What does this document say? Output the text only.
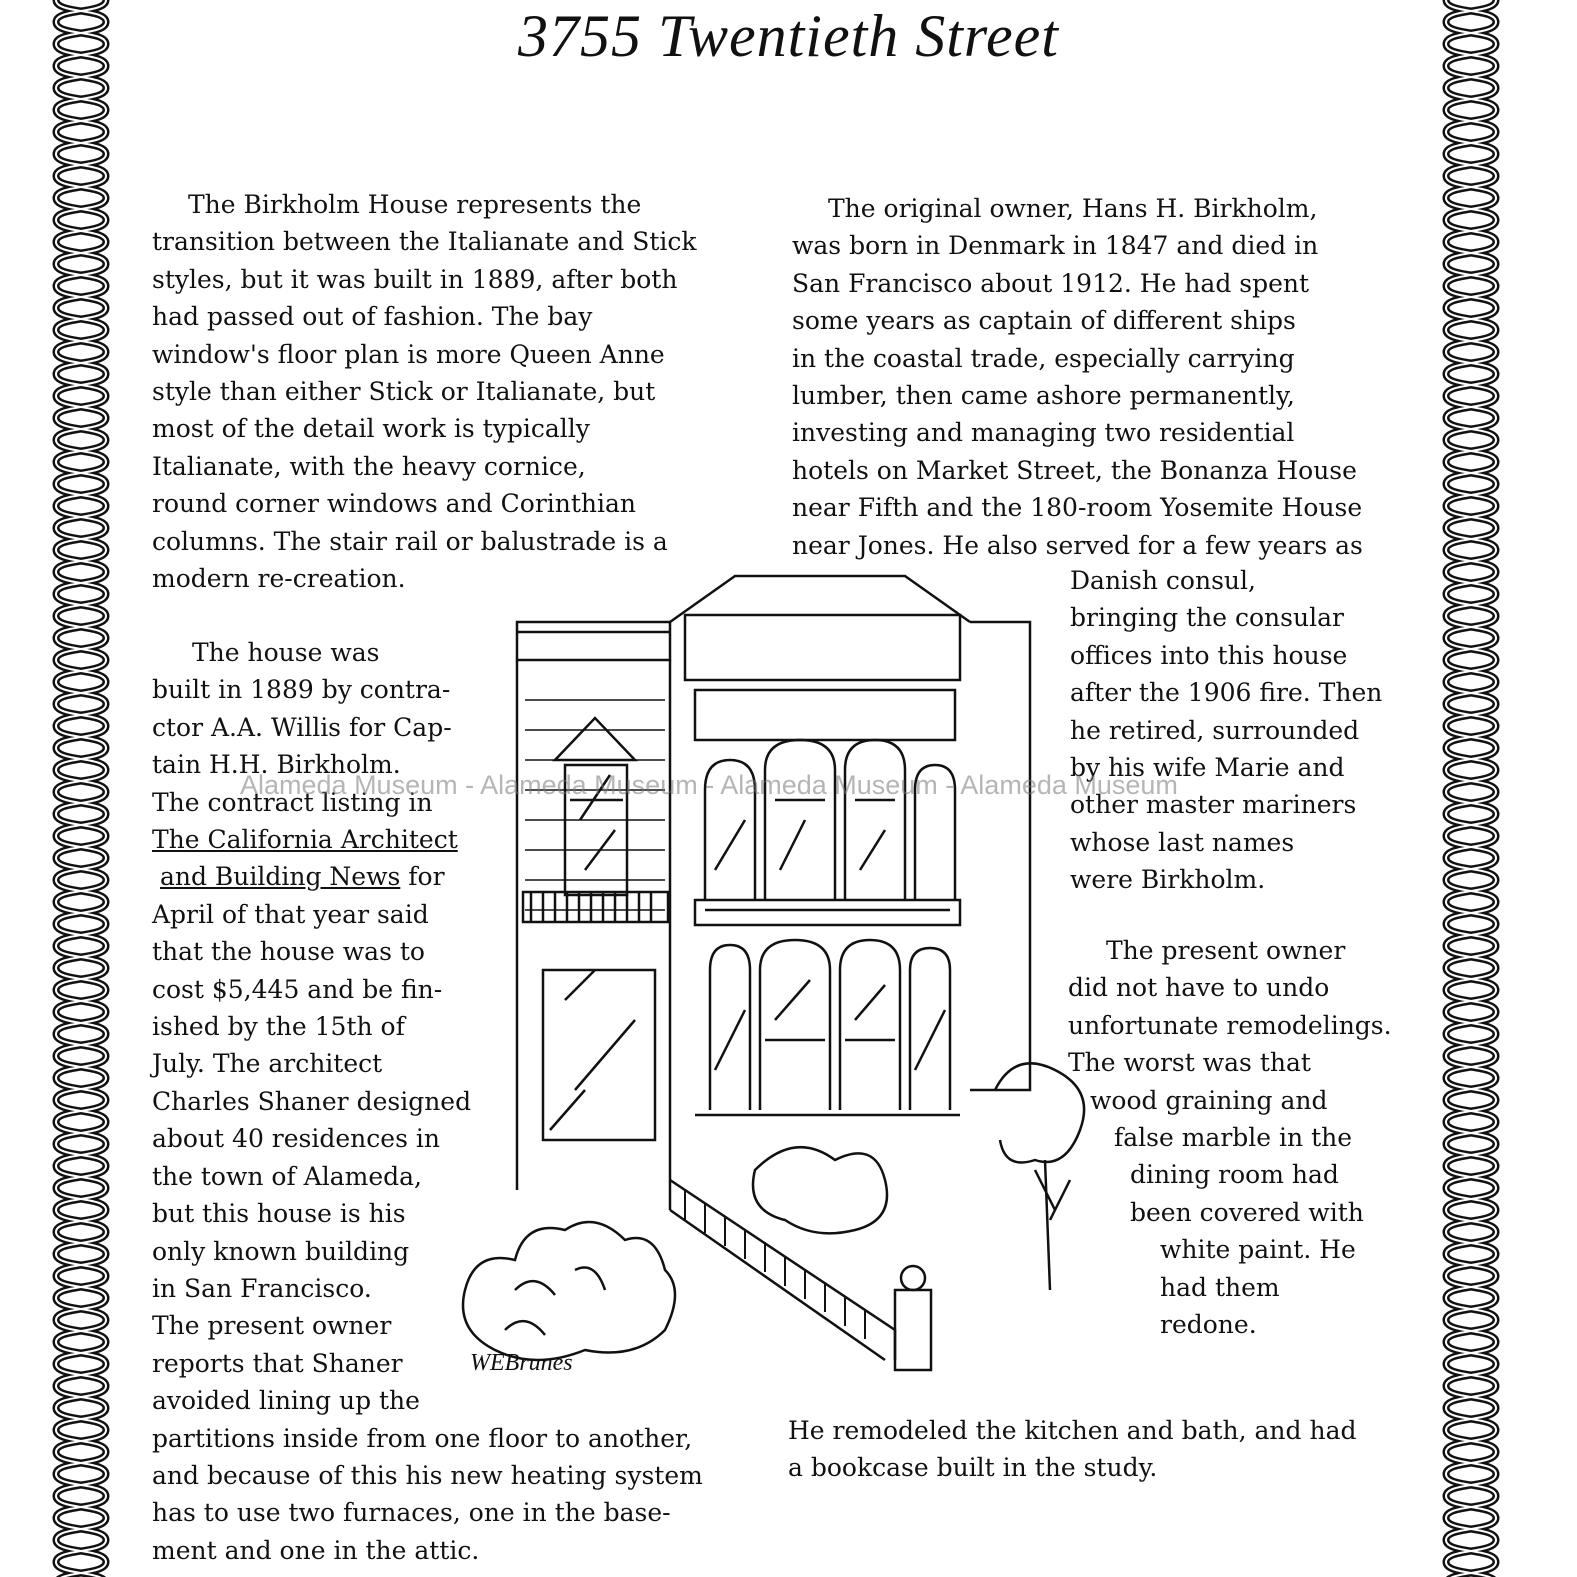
3755 Twentieth Street

The Birkholm House represents the
transition between the Italianate and Stick
styles, but it was built in 1889, after both
had passed out of fashion. The bay
window's floor plan is more Queen Anne
style than either Stick or Italianate, but
most of the detail work is typically
Italianate, with the heavy cornice,
round corner windows and Corinthian
columns. The stair rail or balustrade is a
modern re-creation.

The house was
built in 1889 by contra-
ctor A.A. Willis for Cap-
tain H.H. Birkholm.
The contract listing in
The California Architect
and Building News for
April of that year said
that the house was to
cost $5,445 and be fin-
ished by the 15th of
July. The architect
Charles Shaner designed
about 40 residences in
the town of Alameda,
but this house is his
only known building
in San Francisco.
The present owner
reports that Shaner
avoided lining up the
partitions inside from one floor to another,
and because of this his new heating system
has to use two furnaces, one in the base-
ment and one in the attic.

The original owner, Hans H. Birkholm,
was born in Denmark in 1847 and died in
San Francisco about 1912. He had spent
some years as captain of different ships
in the coastal trade, especially carrying
lumber, then came ashore permanently,
investing and managing two residential
hotels on Market Street, the Bonanza House
near Fifth and the 180-room Yosemite House
near Jones. He also served for a few years as

Danish consul,
bringing the consular
offices into this house
after the 1906 fire. Then
he retired, surrounded
by his wife Marie and
other master mariners
whose last names
were Birkholm.

The present owner
did not have to undo
unfortunate remodelings.
The worst was that
wood graining and
false marble in the
dining room had
been covered with
white paint. He
had them
redone.

He remodeled the kitchen and bath, and had
a bookcase built in the study.

WEBrunes
Alameda Museum - Alameda Museum - Alameda Museum - Alameda Museum
